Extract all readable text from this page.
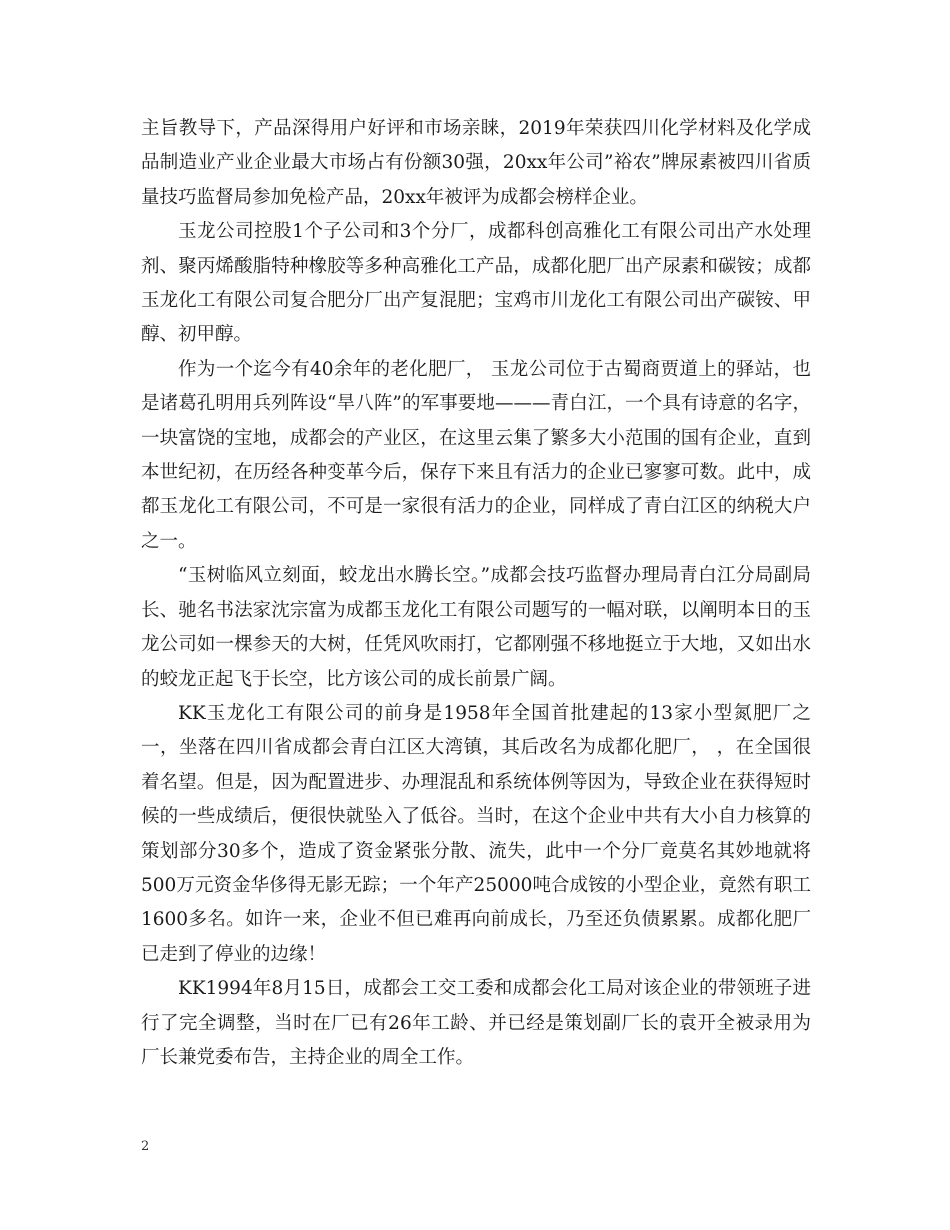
主旨教导下，产品深得用户好评和市场亲睐，2019年荣获四川化学材料及化学成品制造业产业企业最大市场占有份额30强，20xx年公司”裕农”牌尿素被四川省质量技巧监督局参加免检产品，20xx年被评为成都会榜样企业。

玉龙公司控股1个子公司和3个分厂，成都科创高雅化工有限公司出产水处理剂、聚丙烯酸脂特种橡胶等多种高雅化工产品，成都化肥厂出产尿素和碳铵；成都玉龙化工有限公司复合肥分厂出产复混肥；宝鸡市川龙化工有限公司出产碳铵、甲醇、初甲醇。

作为一个迄今有40余年的老化肥厂， 玉龙公司位于古蜀商贾道上的驿站，也是诸葛孔明用兵列阵设“旱八阵”的军事要地———青白江，一个具有诗意的名字，一块富饶的宝地，成都会的产业区，在这里云集了繁多大小范围的国有企业，直到本世纪初，在历经各种变革今后，保存下来且有活力的企业已寥寥可数。此中，成都玉龙化工有限公司，不可是一家很有活力的企业，同样成了青白江区的纳税大户之一。

“玉树临风立刻面，蛟龙出水腾长空。”成都会技巧监督办理局青白江分局副局长、驰名书法家沈宗富为成都玉龙化工有限公司题写的一幅对联，以阐明本日的玉龙公司如一棵参天的大树，任凭风吹雨打，它都刚强不移地挺立于大地，又如出水的蛟龙正起飞于长空，比方该公司的成长前景广阔。

KK玉龙化工有限公司的前身是1958年全国首批建起的13家小型氮肥厂之一，坐落在四川省成都会青白江区大湾镇，其后改名为成都化肥厂， ，在全国很着名望。但是，因为配置进步、办理混乱和系统体例等因为，导致企业在获得短时候的一些成绩后，便很快就坠入了低谷。当时，在这个企业中共有大小自力核算的策划部分30多个，造成了资金紧张分散、流失，此中一个分厂竟莫名其妙地就将500万元资金华侈得无影无踪；一个年产25000吨合成铵的小型企业，竟然有职工1600多名。如许一来，企业不但已难再向前成长，乃至还负债累累。成都化肥厂已走到了停业的边缘！

KK1994年8月15日，成都会工交工委和成都会化工局对该企业的带领班子进行了完全调整，当时在厂已有26年工龄、并已经是策划副厂长的袁开全被录用为厂长兼党委布告，主持企业的周全工作。

2
